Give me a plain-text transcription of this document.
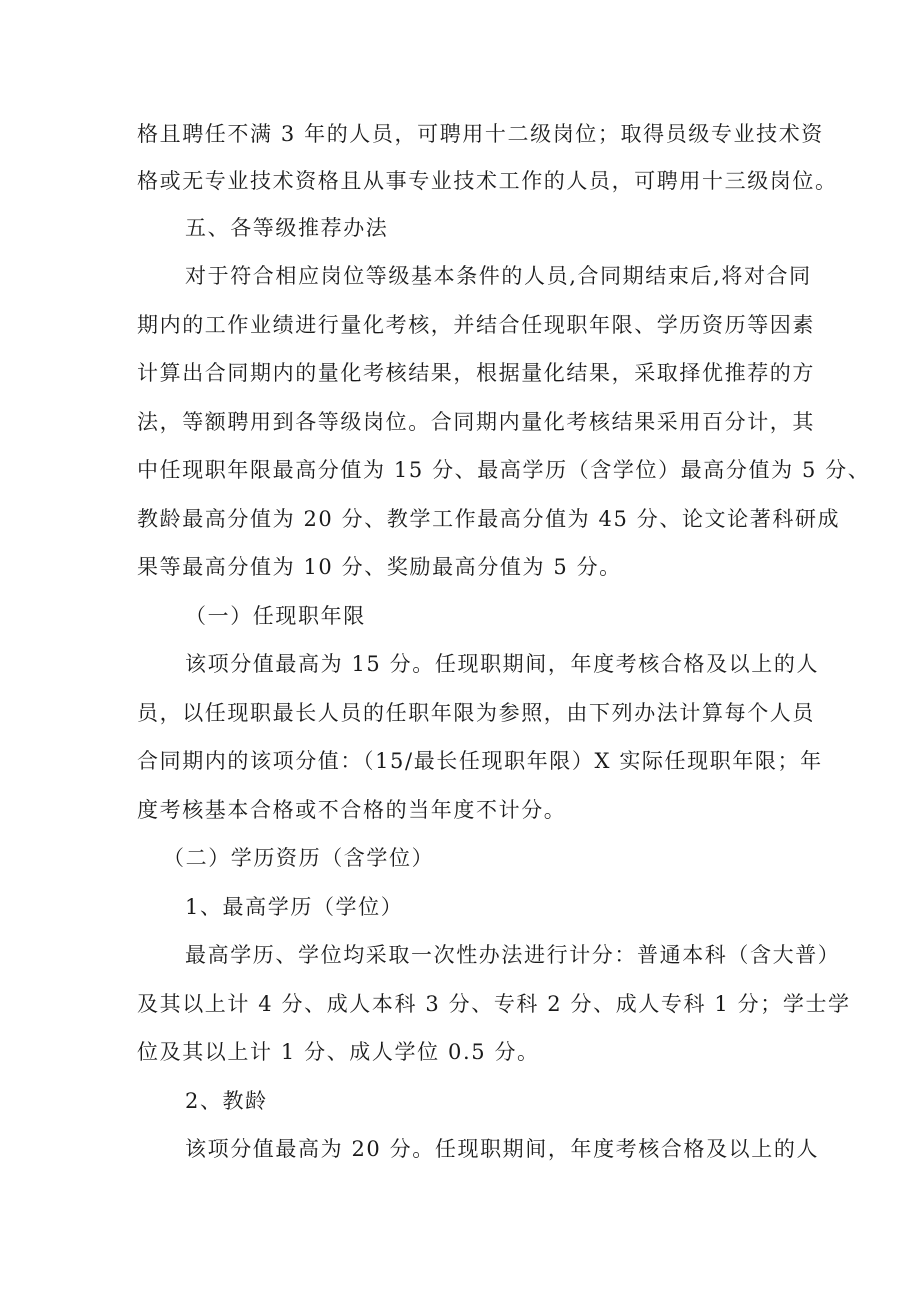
格且聘任不满 3 年的人员，可聘用十二级岗位；取得员级专业技术资
格或无专业技术资格且从事专业技术工作的人员，可聘用十三级岗位。
五、各等级推荐办法
对于符合相应岗位等级基本条件的人员,合同期结束后,将对合同
期内的工作业绩进行量化考核，并结合任现职年限、学历资历等因素
计算出合同期内的量化考核结果，根据量化结果，采取择优推荐的方
法，等额聘用到各等级岗位。合同期内量化考核结果采用百分计，其
中任现职年限最高分值为 15 分、最高学历（含学位）最高分值为 5 分、
教龄最高分值为 20 分、教学工作最高分值为 45 分、论文论著科研成
果等最高分值为 10 分、奖励最高分值为 5 分。
（一）任现职年限
该项分值最高为 15 分。任现职期间，年度考核合格及以上的人
员，以任现职最长人员的任职年限为参照，由下列办法计算每个人员
合同期内的该项分值：（15/最长任现职年限）X 实际任现职年限；年
度考核基本合格或不合格的当年度不计分。
（二）学历资历（含学位）
1、最高学历（学位）
最高学历、学位均采取一次性办法进行计分：普通本科（含大普）
及其以上计 4 分、成人本科 3 分、专科 2 分、成人专科 1 分；学士学
位及其以上计 1 分、成人学位 0.5 分。
2、教龄
该项分值最高为 20 分。任现职期间，年度考核合格及以上的人
